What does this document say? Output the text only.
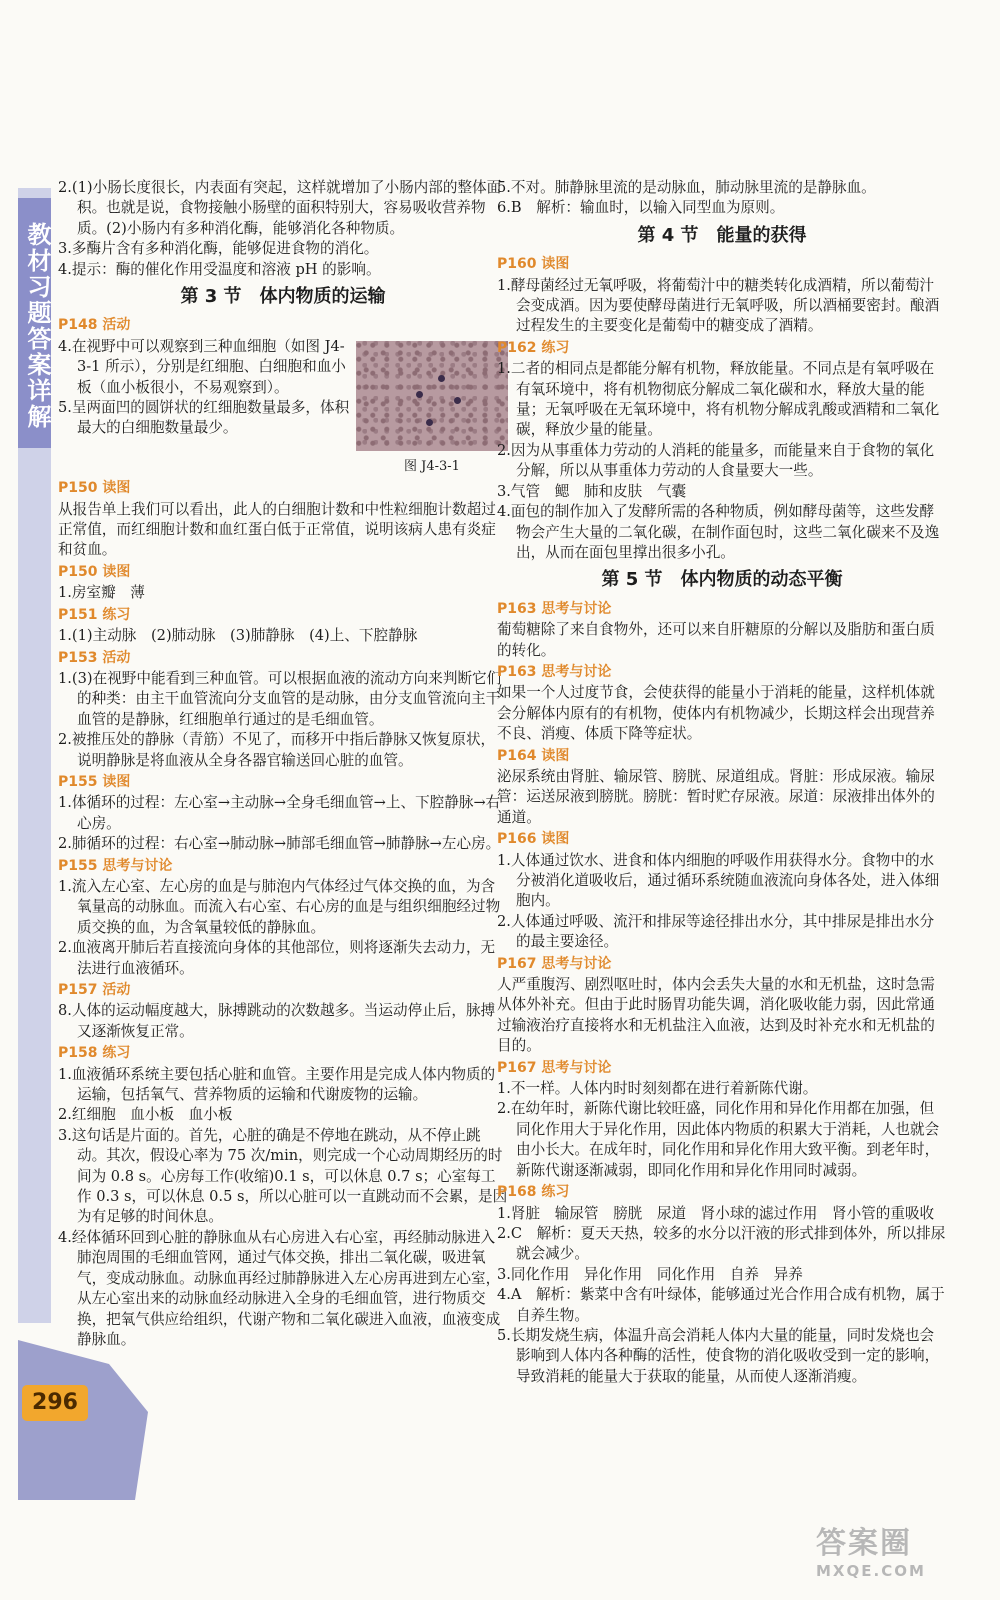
教材习题答案详解
296

2.(1)小肠长度很长，内表面有突起，这样就增加了小肠内部的整体面积。也就是说，食物接触小肠壁的面积特别大，容易吸收营养物质。(2)小肠内有多种消化酶，能够消化各种物质。

3.多酶片含有多种消化酶，能够促进食物的消化。

4.提示：酶的催化作用受温度和溶液 pH 的影响。

第 3 节　体内物质的运输
P148 活动

4.在视野中可以观察到三种血细胞（如图 J4-3-1 所示），分别是红细胞、白细胞和血小板（血小板很小，不易观察到）。

5.呈两面凹的圆饼状的红细胞数量最多，体积最大的白细胞数量最少。

图 J4-3-1
P150 读图

从报告单上我们可以看出，此人的白细胞计数和中性粒细胞计数超过正常值，而红细胞计数和血红蛋白低于正常值，说明该病人患有炎症和贫血。

P150 读图

1.房室瓣　薄

P151 练习

1.(1)主动脉　(2)肺动脉　(3)肺静脉　(4)上、下腔静脉

P153 活动

1.(3)在视野中能看到三种血管。可以根据血液的流动方向来判断它们的种类：由主干血管流向分支血管的是动脉，由分支血管流向主干血管的是静脉，红细胞单行通过的是毛细血管。

2.被推压处的静脉（青筋）不见了，而移开中指后静脉又恢复原状，说明静脉是将血液从全身各器官输送回心脏的血管。

P155 读图

1.体循环的过程：左心室→主动脉→全身毛细血管→上、下腔静脉→右心房。

2.肺循环的过程：右心室→肺动脉→肺部毛细血管→肺静脉→左心房。

P155 思考与讨论

1.流入左心室、左心房的血是与肺泡内气体经过气体交换的血，为含氧量高的动脉血。而流入右心室、右心房的血是与组织细胞经过物质交换的血，为含氧量较低的静脉血。

2.血液离开肺后若直接流向身体的其他部位，则将逐渐失去动力，无法进行血液循环。

P157 活动

8.人体的运动幅度越大，脉搏跳动的次数越多。当运动停止后，脉搏又逐渐恢复正常。

P158 练习

1.血液循环系统主要包括心脏和血管。主要作用是完成人体内物质的运输，包括氧气、营养物质的运输和代谢废物的运输。

2.红细胞　血小板　血小板

3.这句话是片面的。首先，心脏的确是不停地在跳动，从不停止跳动。其次，假设心率为 75 次/min，则完成一个心动周期经历的时间为 0.8 s。心房每工作(收缩)0.1 s，可以休息 0.7 s；心室每工作 0.3 s，可以休息 0.5 s，所以心脏可以一直跳动而不会累，是因为有足够的时间休息。

4.经体循环回到心脏的静脉血从右心房进入右心室，再经肺动脉进入肺泡周围的毛细血管网，通过气体交换，排出二氧化碳，吸进氧气，变成动脉血。动脉血再经过肺静脉进入左心房再进到左心室，从左心室出来的动脉血经动脉进入全身的毛细血管，进行物质交换，把氧气供应给组织，代谢产物和二氧化碳进入血液，血液变成静脉血。

5.不对。肺静脉里流的是动脉血，肺动脉里流的是静脉血。

6.B　解析：输血时，以输入同型血为原则。

第 4 节　能量的获得
P160 读图

1.酵母菌经过无氧呼吸，将葡萄汁中的糖类转化成酒精，所以葡萄汁会变成酒。因为要使酵母菌进行无氧呼吸，所以酒桶要密封。酿酒过程发生的主要变化是葡萄中的糖变成了酒精。

P162 练习

1.二者的相同点是都能分解有机物，释放能量。不同点是有氧呼吸在有氧环境中，将有机物彻底分解成二氧化碳和水，释放大量的能量；无氧呼吸在无氧环境中，将有机物分解成乳酸或酒精和二氧化碳，释放少量的能量。

2.因为从事重体力劳动的人消耗的能量多，而能量来自于食物的氧化分解，所以从事重体力劳动的人食量要大一些。

3.气管　鳃　肺和皮肤　气囊

4.面包的制作加入了发酵所需的各种物质，例如酵母菌等，这些发酵物会产生大量的二氧化碳，在制作面包时，这些二氧化碳来不及逸出，从而在面包里撑出很多小孔。

第 5 节　体内物质的动态平衡
P163 思考与讨论

葡萄糖除了来自食物外，还可以来自肝糖原的分解以及脂肪和蛋白质的转化。

P163 思考与讨论

如果一个人过度节食，会使获得的能量小于消耗的能量，这样机体就会分解体内原有的有机物，使体内有机物减少，长期这样会出现营养不良、消瘦、体质下降等症状。

P164 读图

泌尿系统由肾脏、输尿管、膀胱、尿道组成。肾脏：形成尿液。输尿管：运送尿液到膀胱。膀胱：暂时贮存尿液。尿道：尿液排出体外的通道。

P166 读图

1.人体通过饮水、进食和体内细胞的呼吸作用获得水分。食物中的水分被消化道吸收后，通过循环系统随血液流向身体各处，进入体细胞内。

2.人体通过呼吸、流汗和排尿等途径排出水分，其中排尿是排出水分的最主要途径。

P167 思考与讨论

人严重腹泻、剧烈呕吐时，体内会丢失大量的水和无机盐，这时急需从体外补充。但由于此时肠胃功能失调，消化吸收能力弱，因此常通过输液治疗直接将水和无机盐注入血液，达到及时补充水和无机盐的目的。

P167 思考与讨论

1.不一样。人体内时时刻刻都在进行着新陈代谢。

2.在幼年时，新陈代谢比较旺盛，同化作用和异化作用都在加强，但同化作用大于异化作用，因此体内物质的积累大于消耗，人也就会由小长大。在成年时，同化作用和异化作用大致平衡。到老年时，新陈代谢逐渐减弱，即同化作用和异化作用同时减弱。

P168 练习

1.肾脏　输尿管　膀胱　尿道　肾小球的滤过作用　肾小管的重吸收

2.C　解析：夏天天热，较多的水分以汗液的形式排到体外，所以排尿就会减少。

3.同化作用　异化作用　同化作用　自养　异养

4.A　解析：紫菜中含有叶绿体，能够通过光合作用合成有机物，属于自养生物。

5.长期发烧生病，体温升高会消耗人体内大量的能量，同时发烧也会影响到人体内各种酶的活性，使食物的消化吸收受到一定的影响，导致消耗的能量大于获取的能量，从而使人逐渐消瘦。

答案圈
MXQE.COM
